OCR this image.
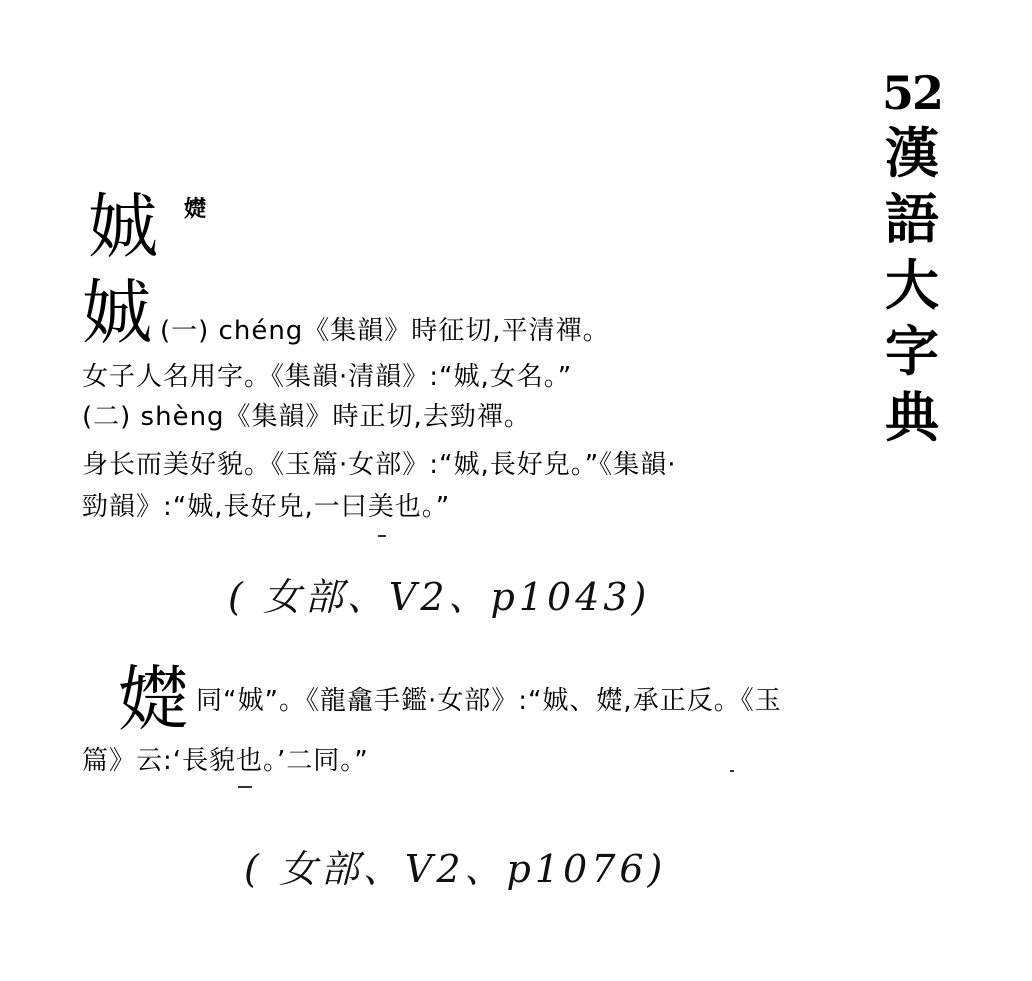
52
漢
語
大
字
典
娍 𡢟
娍 (一) chéng《集韻》時征切,平清禪。
女子人名用字。《集韻·清韻》:“娍,女名。”
(二) shèng《集韻》時正切,去勁禪。
身长而美好貌。《玉篇·女部》:“娍,長好皃。”《集韻·
勁韻》:“娍,長好皃,一曰美也。”
( 女部、V2、p1043)
𡢟 同“娍”。《龍龕手鑑·女部》:“娍、𡢟,承正反。《玉
篇》云:‘長貌也。’二同。”
( 女部、V2、p1076)
